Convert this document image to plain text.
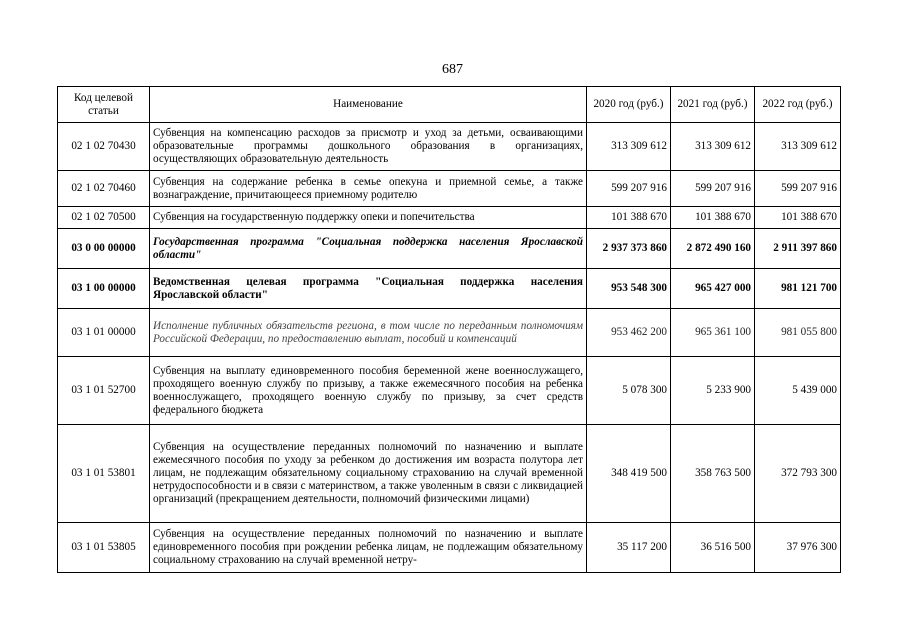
687
Код целевой статьи	Наименование	2020 год (руб.)	2021 год (руб.)	2022 год (руб.)
02 1 02 70430	Субвенция на компенсацию расходов за присмотр и уход за детьми, осваивающими образовательные программы дошкольного образования в организациях, осуществляющих образовательную деятельность	313 309 612	313 309 612	313 309 612
02 1 02 70460	Субвенция на содержание ребенка в семье опекуна и приемной семье, а также вознаграждение, причитающееся приемному родителю	599 207 916	599 207 916	599 207 916
02 1 02 70500	Субвенция на государственную поддержку опеки и попечительства	101 388 670	101 388 670	101 388 670
03 0 00 00000	Государственная программа "Социальная поддержка населения Ярославской области"	2 937 373 860	2 872 490 160	2 911 397 860
03 1 00 00000	Ведомственная целевая программа "Социальная поддержка населения Ярославской области"	953 548 300	965 427 000	981 121 700
03 1 01 00000	Исполнение публичных обязательств региона, в том числе по переданным полномочиям Российской Федерации, по предоставлению выплат, пособий и компенсаций	953 462 200	965 361 100	981 055 800
03 1 01 52700	Субвенция на выплату единовременного пособия беременной жене военнослужащего, проходящего военную службу по призыву, а также ежемесячного пособия на ребенка военнослужащего, проходящего военную службу по призыву, за счет средств федерального бюджета	5 078 300	5 233 900	5 439 000
03 1 01 53801	Субвенция на осуществление переданных полномочий по назначению и выплате ежемесячного пособия по уходу за ребенком до достижения им возраста полутора лет лицам, не подлежащим обязательному социальному страхованию на случай временной нетрудоспособности и в связи с материнством, а также уволенным в связи с ликвидацией организаций (прекращением деятельности, полномочий физическими лицами)	348 419 500	358 763 500	372 793 300
03 1 01 53805	Субвенция на осуществление переданных полномочий по назначению и выплате единовременного пособия при рождении ребенка лицам, не подлежащим обязательному социальному страхованию на случай временной нетру-	35 117 200	36 516 500	37 976 300
